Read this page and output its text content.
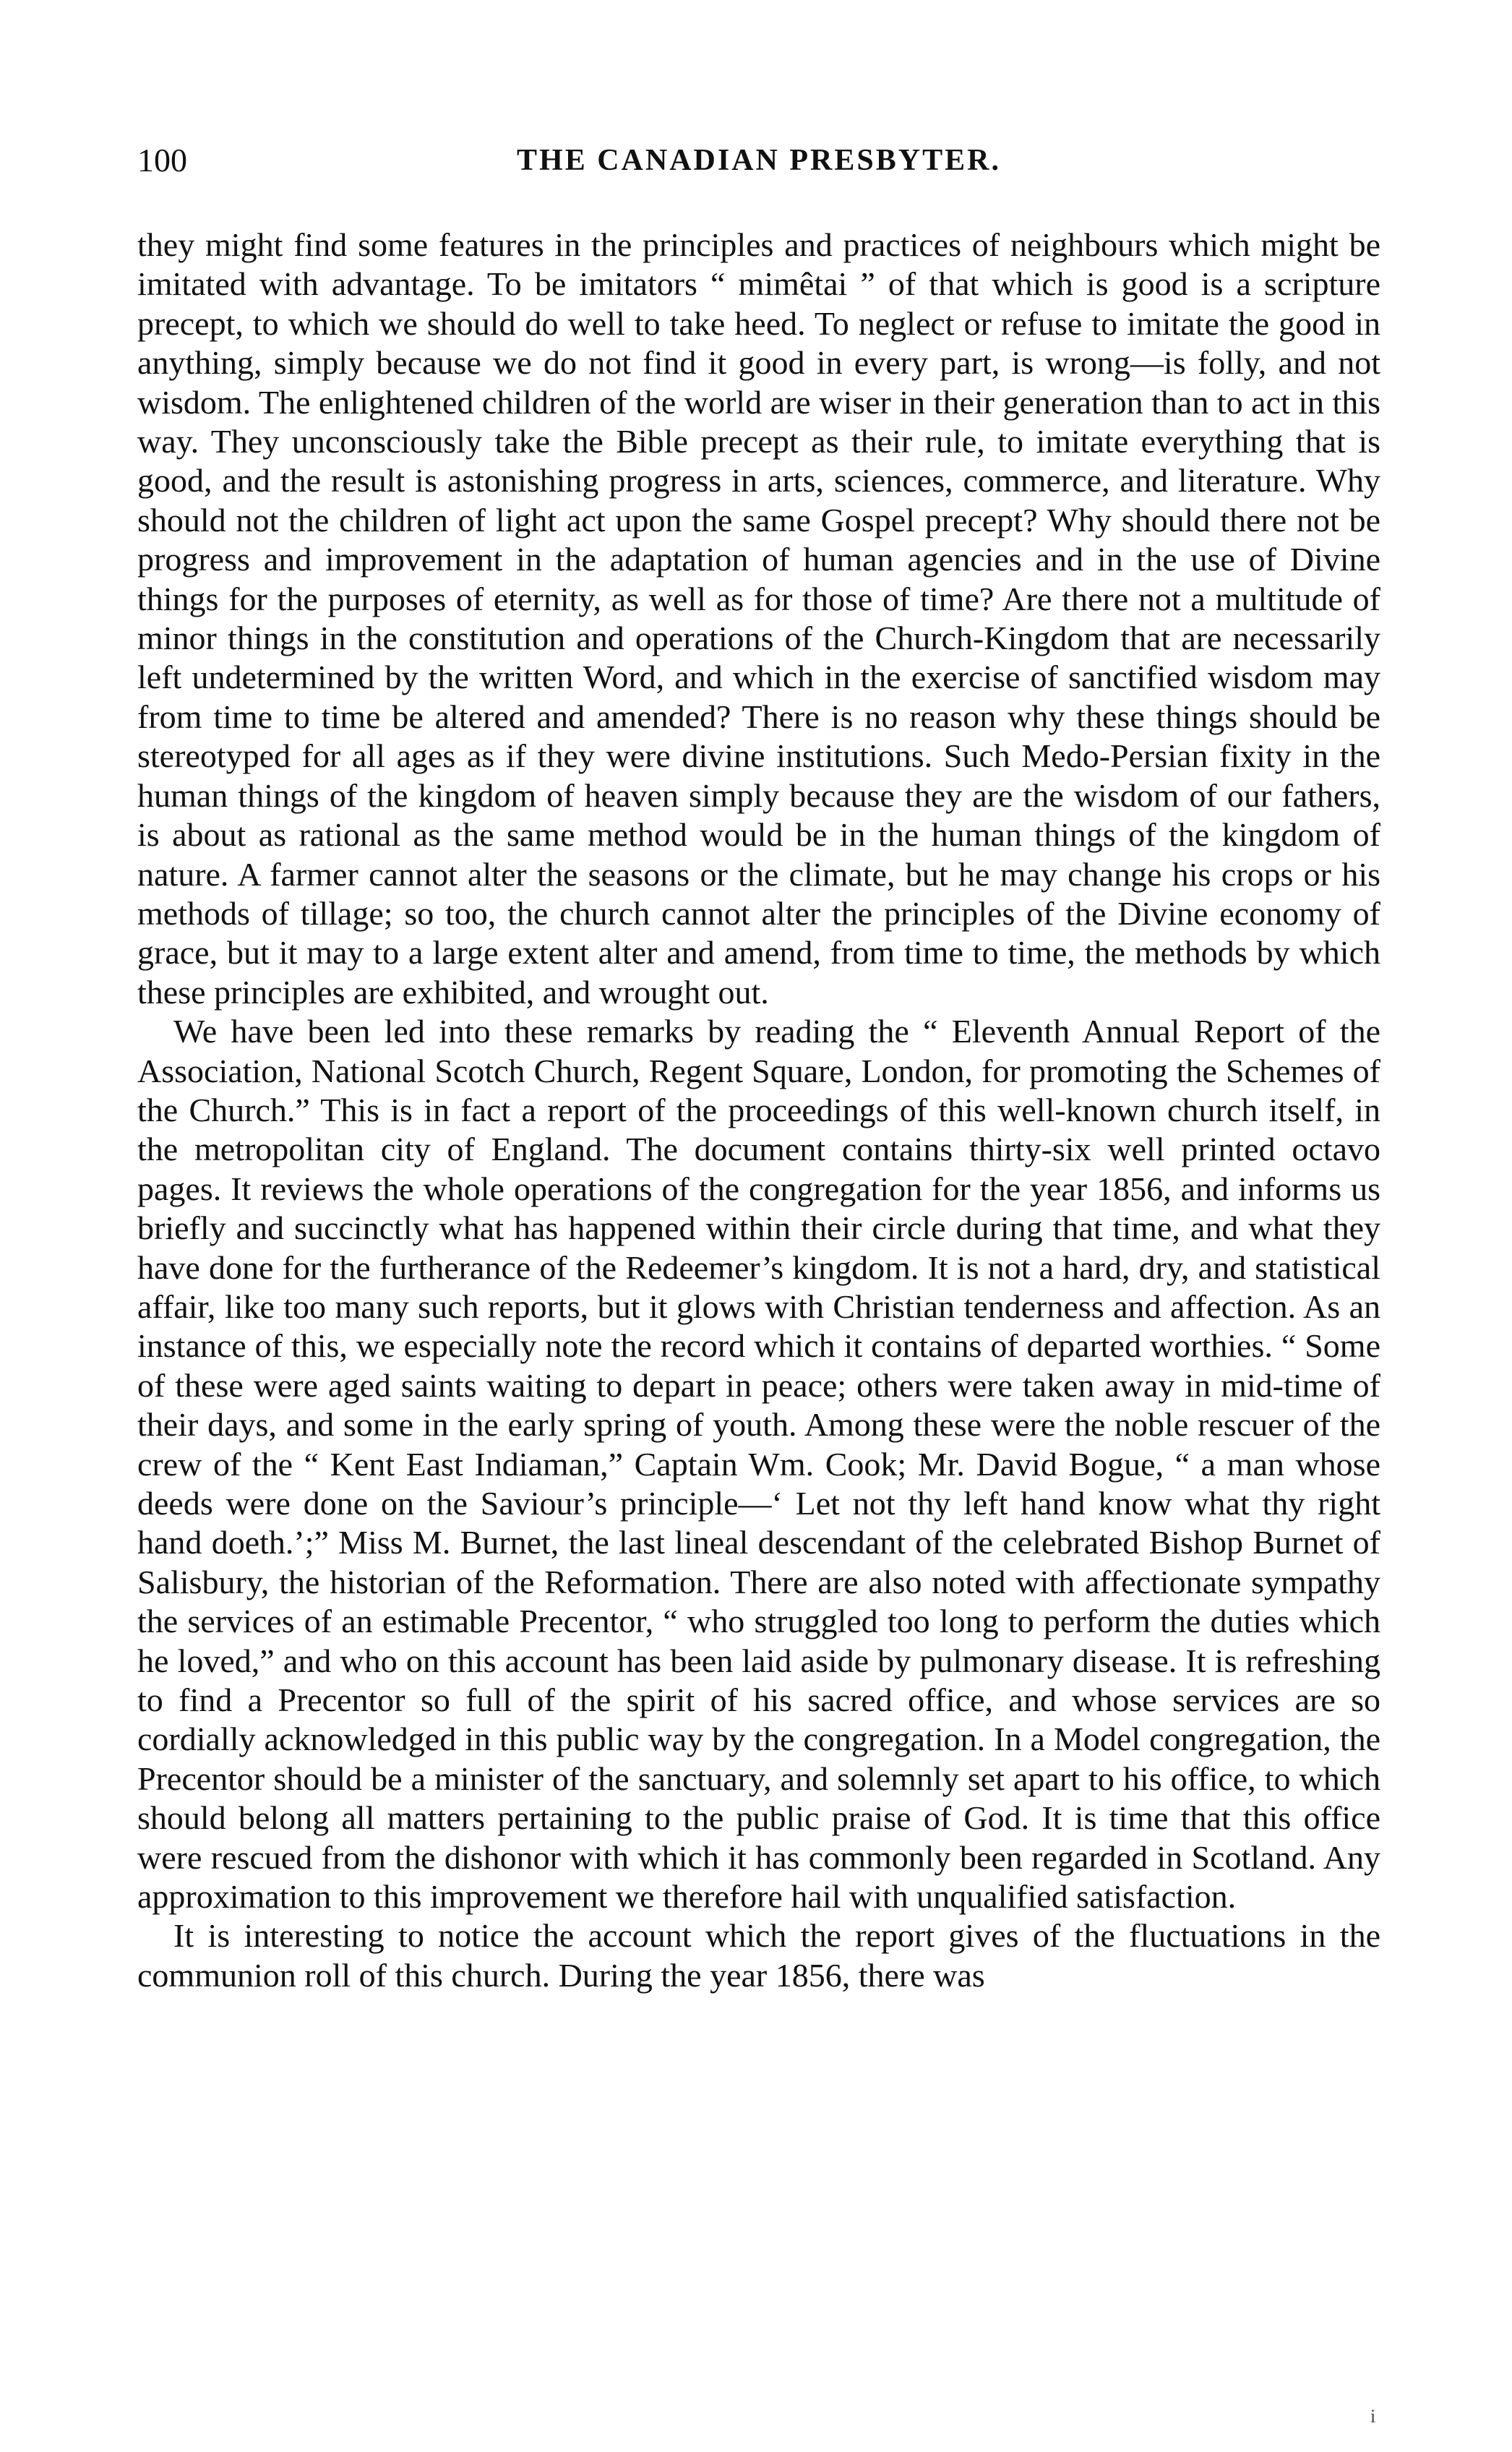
100	THE CANADIAN PRESBYTER.

they might find some features in the principles and practices of neighbours which might be imitated with advantage. To be imitators “ mimêtai ” of that which is good is a scripture precept, to which we should do well to take heed. To neglect or refuse to imitate the good in anything, simply because we do not find it good in every part, is wrong—is folly, and not wisdom. The enlightened children of the world are wiser in their generation than to act in this way. They unconsciously take the Bible precept as their rule, to imitate everything that is good, and the result is astonishing progress in arts, sciences, commerce, and literature. Why should not the children of light act upon the same Gospel precept? Why should there not be progress and improvement in the adaptation of human agencies and in the use of Divine things for the purposes of eternity, as well as for those of time? Are there not a multitude of minor things in the constitution and operations of the Church-Kingdom that are necessarily left undetermined by the written Word, and which in the exercise of sanctified wisdom may from time to time be altered and amended? There is no reason why these things should be stereotyped for all ages as if they were divine institutions. Such Medo-Persian fixity in the human things of the kingdom of heaven simply because they are the wisdom of our fathers, is about as rational as the same method would be in the human things of the kingdom of nature. A farmer cannot alter the seasons or the climate, but he may change his crops or his methods of tillage; so too, the church cannot alter the principles of the Divine economy of grace, but it may to a large extent alter and amend, from time to time, the methods by which these principles are exhibited, and wrought out.

We have been led into these remarks by reading the “ Eleventh Annual Report of the Association, National Scotch Church, Regent Square, London, for promoting the Schemes of the Church.” This is in fact a report of the proceedings of this well-known church itself, in the metropolitan city of England. The document contains thirty-six well printed octavo pages. It reviews the whole operations of the congregation for the year 1856, and informs us briefly and succinctly what has happened within their circle during that time, and what they have done for the furtherance of the Redeemer’s kingdom. It is not a hard, dry, and statistical affair, like too many such reports, but it glows with Christian tenderness and affection. As an instance of this, we especially note the record which it contains of departed worthies. “ Some of these were aged saints waiting to depart in peace; others were taken away in mid-time of their days, and some in the early spring of youth. Among these were the noble rescuer of the crew of the “ Kent East Indiaman,” Captain Wm. Cook; Mr. David Bogue, “ a man whose deeds were done on the Saviour’s principle—‘ Let not thy left hand know what thy right hand doeth.’;” Miss M. Burnet, the last lineal descendant of the celebrated Bishop Burnet of Salisbury, the historian of the Reformation. There are also noted with affectionate sympathy the services of an estimable Precentor, “ who struggled too long to perform the duties which he loved,” and who on this account has been laid aside by pulmonary disease. It is refreshing to find a Precentor so full of the spirit of his sacred office, and whose services are so cordially acknowledged in this public way by the congregation. In a Model congregation, the Precentor should be a minister of the sanctuary, and solemnly set apart to his office, to which should belong all matters pertaining to the public praise of God. It is time that this office were rescued from the dishonor with which it has commonly been regarded in Scotland. Any approximation to this improvement we therefore hail with unqualified satisfaction.

It is interesting to notice the account which the report gives of the fluctuations in the communion roll of this church. During the year 1856, there was

i
